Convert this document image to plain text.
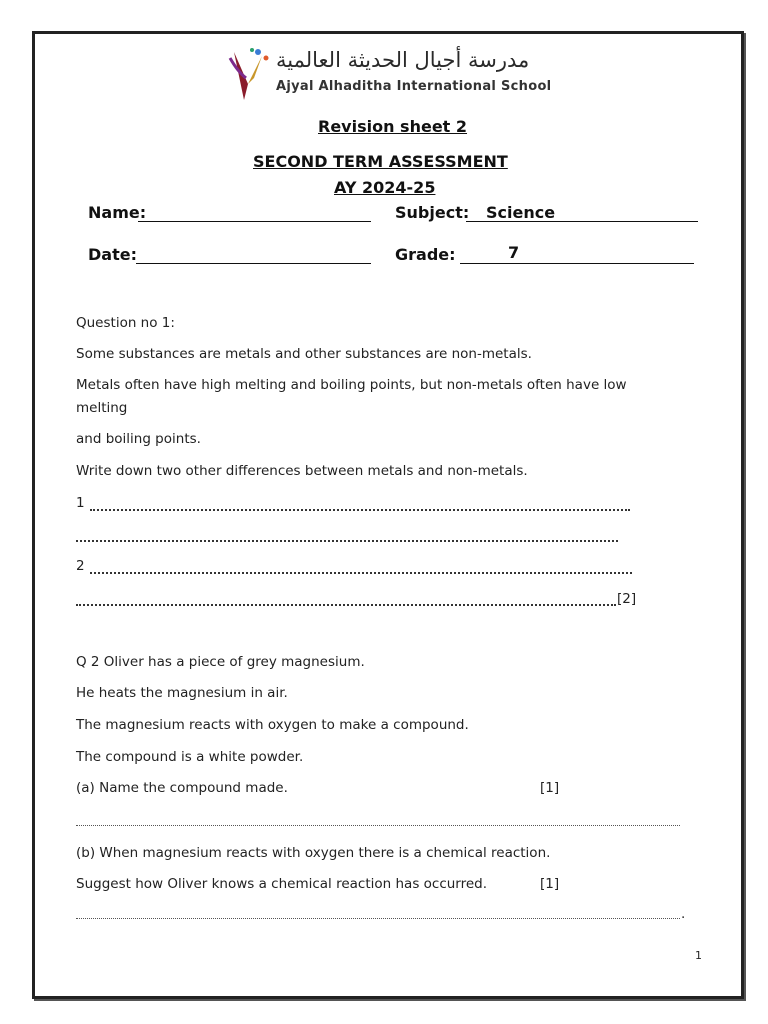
مدرسة أجيال الحديثة العالمية
Ajyal Alhaditha International School
Revision sheet 2
SECOND TERM ASSESSMENT
AY 2024-25
Name:	Subject: Science
Date:	Grade:	7
Question no 1:
Some substances are metals and other substances are non-metals.
Metals often have high melting and boiling points, but non-metals often have low
melting
and boiling points.
Write down two other differences between metals and non-metals.
1
2
[2]
Q 2 Oliver has a piece of grey magnesium.
He heats the magnesium in air.
The magnesium reacts with oxygen to make a compound.
The compound is a white powder.
(a) Name the compound made.	[1]
(b) When magnesium reacts with oxygen there is a chemical reaction.
Suggest how Oliver knows a chemical reaction has occurred.	[1]
.
1
